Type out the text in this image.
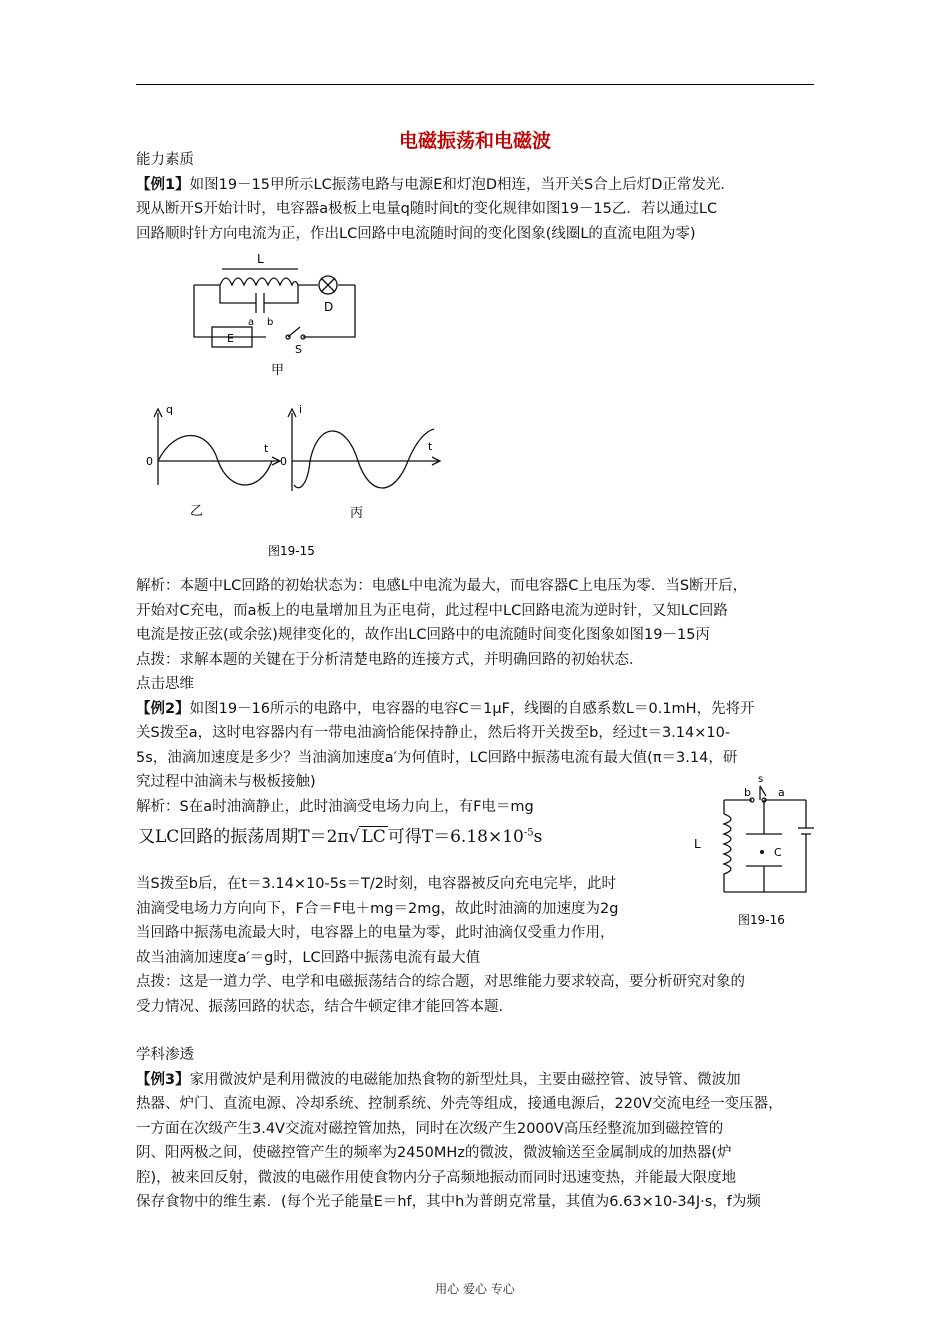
电磁振荡和电磁波
能力素质
【例1】如图19－15甲所示LC振荡电路与电源E和灯泡D相连，当开关S合上后灯D正常发光．
现从断开S开始计时，电容器a极板上电量q随时间t的变化规律如图19－15乙．若以通过LC
回路顺时针方向电流为正，作出LC回路中电流随时间的变化图象(线圈L的直流电阻为零)
L
a b
D
E
S
甲
q
t
0
乙
i
t
0
丙
图19-15
解析：本题中LC回路的初始状态为：电感L中电流为最大，而电容器C上电压为零．当S断开后，
开始对C充电，而a板上的电量增加且为正电荷，此过程中LC回路电流为逆时针，又知LC回路
电流是按正弦(或余弦)规律变化的，故作出LC回路中的电流随时间变化图象如图19－15丙
点拨：求解本题的关键在于分析清楚电路的连接方式，并明确回路的初始状态．
点击思维
【例2】如图19－16所示的电路中，电容器的电容C＝1μF，线圈的自感系数L＝0.1mH，先将开
关S拨至a，这时电容器内有一带电油滴恰能保持静止，然后将开关拨至b，经过t＝3.14×10-
5s，油滴加速度是多少？当油滴加速度a′为何值时，LC回路中振荡电流有最大值(π＝3.14，研
究过程中油滴未与极板接触)
解析：S在a时油滴静止，此时油滴受电场力向上，有F电＝mg
又LC回路的振荡周期T＝2π√ LC 可得$T=6.18\times 10^{-5}s$
当S拨至b后，在t＝3.14×10-5s＝T/2时刻，电容器被反向充电完毕，此时
油滴受电场力方向向下，F合＝F电＋mg＝2mg，故此时油滴的加速度为2g
当回路中振荡电流最大时，电容器上的电量为零，此时油滴仅受重力作用，
故当油滴加速度a′＝g时，LC回路中振荡电流有最大值
s
b a
L
C
图19-16
点拨：这是一道力学、电学和电磁振荡结合的综合题，对思维能力要求较高，要分析研究对象的
受力情况、振荡回路的状态，结合牛顿定律才能回答本题．
学科渗透
【例3】家用微波炉是利用微波的电磁能加热食物的新型灶具，主要由磁控管、波导管、微波加
热器、炉门、直流电源、冷却系统、控制系统、外壳等组成，接通电源后，220V交流电经一变压器，
一方面在次级产生3.4V交流对磁控管加热，同时在次级产生2000V高压经整流加到磁控管的
阴、阳两极之间，使磁控管产生的频率为2450MHz的微波，微波输送至金属制成的加热器(炉
腔)，被来回反射，微波的电磁作用使食物内分子高频地振动而同时迅速变热，并能最大限度地
保存食物中的维生素．(每个光子能量E＝hf，其中h为普朗克常量，其值为6.63×10-34J·s，f为频
用心 爱心 专心
